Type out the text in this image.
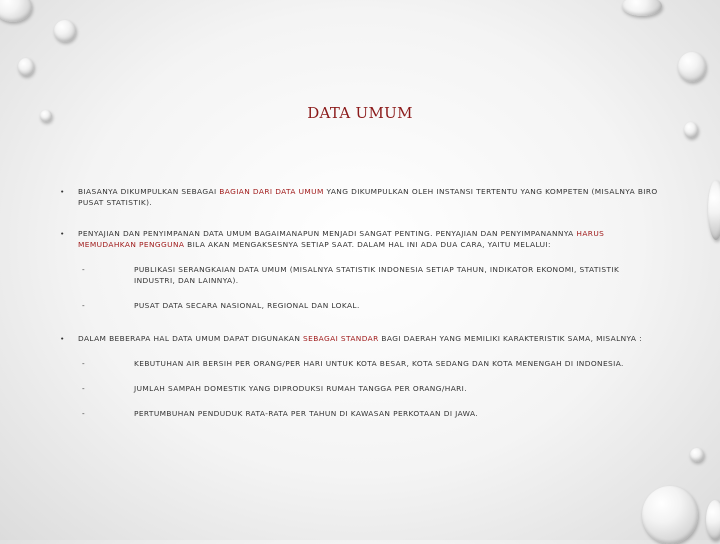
DATA UMUM
• BIASANYA DIKUMPULKAN SEBAGAI BAGIAN DARI DATA UMUM YANG DIKUMPULKAN OLEH INSTANSI TERTENTU YANG KOMPETEN (MISALNYA BIRO PUSAT STATISTIK).
• PENYAJIAN DAN PENYIMPANAN DATA UMUM BAGAIMANAPUN MENJADI SANGAT PENTING. PENYAJIAN DAN PENYIMPANANNYA HARUS MEMUDAHKAN PENGGUNA BILA AKAN MENGAKSESNYA SETIAP SAAT. DALAM HAL INI ADA DUA CARA, YAITU MELALUI:
-	PUBLIKASI SERANGKAIAN DATA UMUM (MISALNYA STATISTIK INDONESIA SETIAP TAHUN, INDIKATOR EKONOMI, STATISTIK INDUSTRI, DAN LAINNYA).
-	PUSAT DATA SECARA NASIONAL, REGIONAL DAN LOKAL.
• DALAM BEBERAPA HAL DATA UMUM DAPAT DIGUNAKAN SEBAGAI STANDAR BAGI DAERAH YANG MEMILIKI KARAKTERISTIK SAMA, MISALNYA :
-	KEBUTUHAN AIR BERSIH PER ORANG/PER HARI UNTUK KOTA BESAR, KOTA SEDANG DAN KOTA MENENGAH DI INDONESIA.
-	JUMLAH SAMPAH DOMESTIK YANG DIPRODUKSI RUMAH TANGGA PER ORANG/HARI.
-	PERTUMBUHAN PENDUDUK RATA-RATA PER TAHUN DI KAWASAN PERKOTAAN DI JAWA.
